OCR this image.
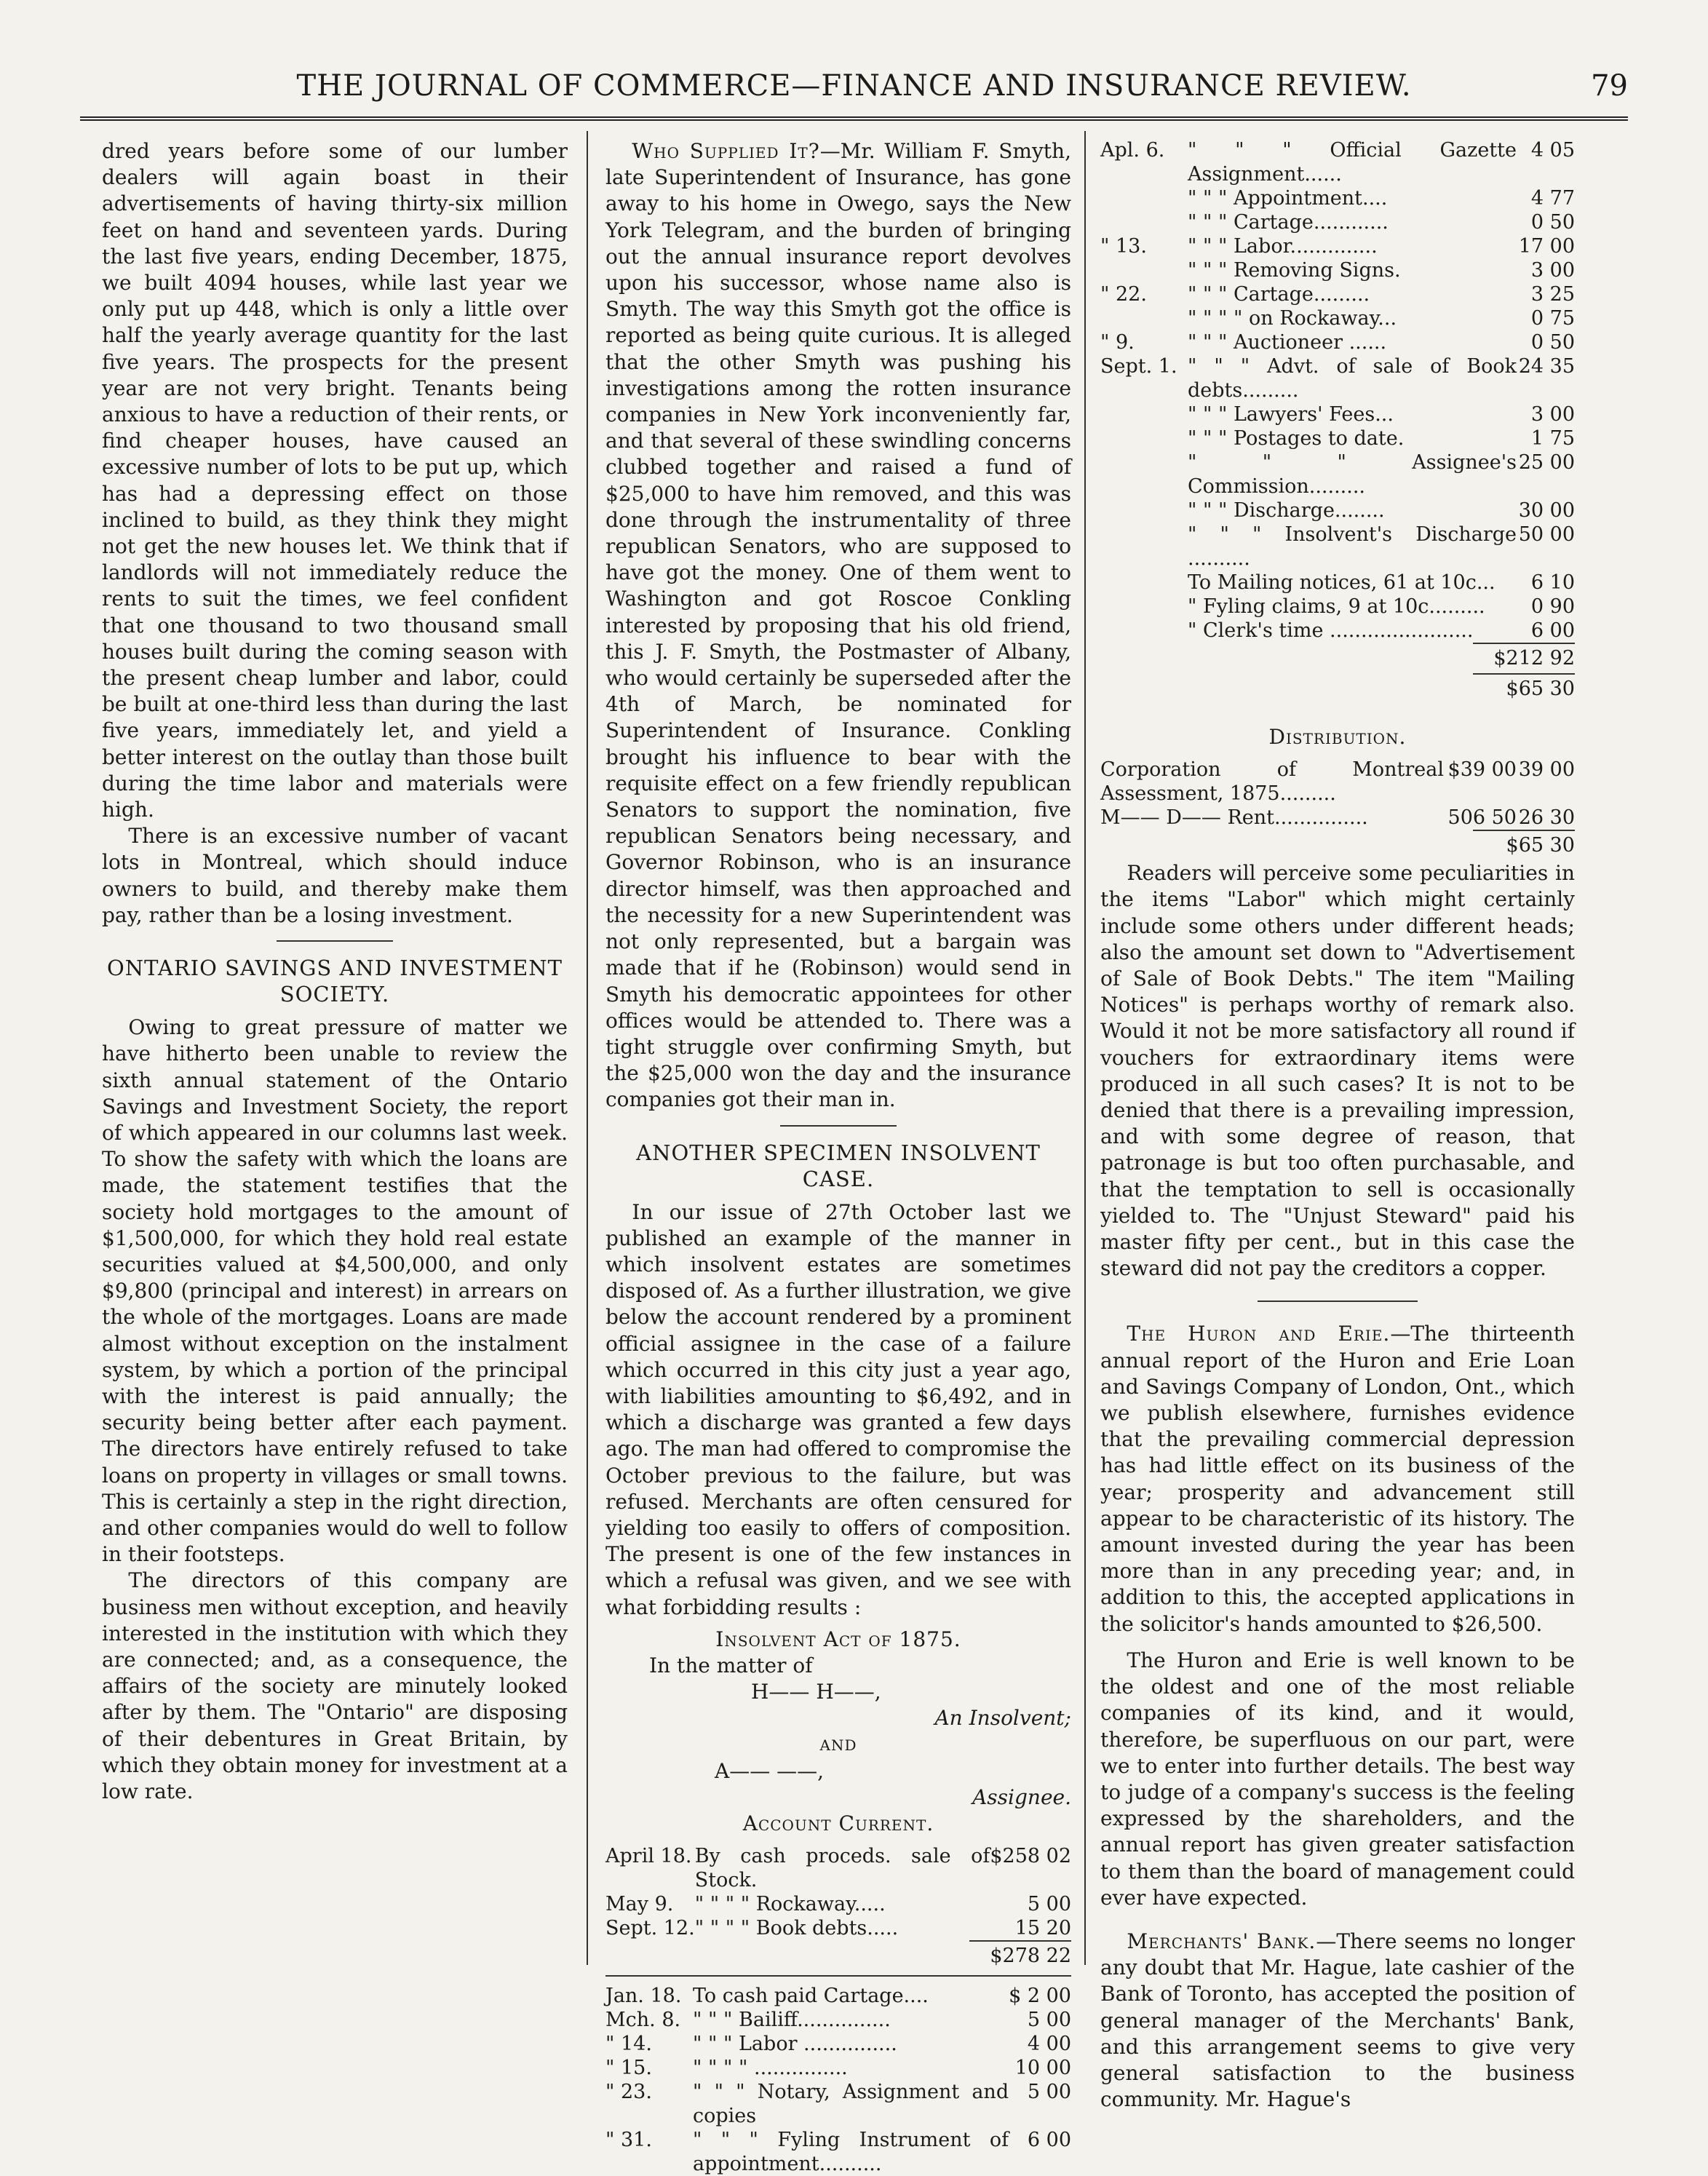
THE JOURNAL OF COMMERCE—FINANCE AND INSURANCE REVIEW.	79

dred years before some of our lumber dealers will again boast in their advertisements of having thirty-six million feet on hand and seventeen yards. During the last five years, ending December, 1875, we built 4094 houses, while last year we only put up 448, which is only a little over half the yearly average quantity for the last five years. The prospects for the present year are not very bright. Tenants being anxious to have a reduction of their rents, or find cheaper houses, have caused an excessive number of lots to be put up, which has had a depressing effect on those inclined to build, as they think they might not get the new houses let. We think that if landlords will not immediately reduce the rents to suit the times, we feel confident that one thousand to two thousand small houses built during the coming season with the present cheap lumber and labor, could be built at one-third less than during the last five years, immediately let, and yield a better interest on the outlay than those built during the time labor and materials were high.

There is an excessive number of vacant lots in Montreal, which should induce owners to build, and thereby make them pay, rather than be a losing investment.

ONTARIO SAVINGS AND INVESTMENT SOCIETY.

Owing to great pressure of matter we have hitherto been unable to review the sixth annual statement of the Ontario Savings and Investment Society, the report of which appeared in our columns last week. To show the safety with which the loans are made, the statement testifies that the society hold mortgages to the amount of $1,500,000, for which they hold real estate securities valued at $4,500,000, and only $9,800 (principal and interest) in arrears on the whole of the mortgages. Loans are made almost without exception on the instalment system, by which a portion of the principal with the interest is paid annually; the security being better after each payment. The directors have entirely refused to take loans on property in villages or small towns. This is certainly a step in the right direction, and other companies would do well to follow in their footsteps.

The directors of this company are business men without exception, and heavily interested in the institution with which they are connected; and, as a consequence, the affairs of the society are minutely looked after by them. The "Ontario" are disposing of their debentures in Great Britain, by which they obtain money for investment at a low rate.

Who Supplied It?—Mr. William F. Smyth, late Superintendent of Insurance, has gone away to his home in Owego, says the New York Telegram, and the burden of bringing out the annual insurance report devolves upon his successor, whose name also is Smyth. The way this Smyth got the office is reported as being quite curious. It is alleged that the other Smyth was pushing his investigations among the rotten insurance companies in New York inconveniently far, and that several of these swindling concerns clubbed together and raised a fund of $25,000 to have him removed, and this was done through the instrumentality of three republican Senators, who are supposed to have got the money. One of them went to Washington and got Roscoe Conkling interested by proposing that his old friend, this J. F. Smyth, the Postmaster of Albany, who would certainly be superseded after the 4th of March, be nominated for Superintendent of Insurance. Conkling brought his influence to bear with the requisite effect on a few friendly republican Senators to support the nomination, five republican Senators being necessary, and Governor Robinson, who is an insurance director himself, was then approached and the necessity for a new Superintendent was not only represented, but a bargain was made that if he (Robinson) would send in Smyth his democratic appointees for other offices would be attended to. There was a tight struggle over confirming Smyth, but the $25,000 won the day and the insurance companies got their man in.

ANOTHER SPECIMEN INSOLVENT CASE.

In our issue of 27th October last we published an example of the manner in which insolvent estates are sometimes disposed of. As a further illustration, we give below the account rendered by a prominent official assignee in the case of a failure which occurred in this city just a year ago, with liabilities amounting to $6,492, and in which a discharge was granted a few days ago. The man had offered to compromise the October previous to the failure, but was refused. Merchants are often censured for yielding too easily to offers of composition. The present is one of the few instances in which a refusal was given, and we see with what forbidding results :

Insolvent Act of 1875.

In the matter of

H—— H——,

An Insolvent;

AND

A—— ——,

Assignee.

Account Current.

April 18.	By cash proceds. sale of Stock.	$258 02
May 9.	" " " " Rockaway.....	5 00
Sept. 12.	" " " " Book debts.....	15 20
$278 22
Jan. 18.	To cash paid Cartage....	$ 2 00
Mch. 8.	" " " Bailiff...............	5 00
" 14.	" " " Labor ...............	4 00
" 15.	" " " " ...............	10 00
" 23.	" " " Notary, Assignment and copies	5 00
" 31.	" " " Fyling Instrument of appointment..........	6 00
Apl. 6.	" " " Official Gazette Assignment......	4 05
	" " " Appointment....	4 77
	" " " Cartage............	0 50
" 13.	" " " Labor..............	17 00
	" " " Removing Signs.	3 00
" 22.	" " " Cartage.........	3 25
	" " " " on Rockaway...	0 75
" 9.	" " " Auctioneer ......	0 50
Sept. 1.	" " " Advt. of sale of Book debts.........	24 35
	" " " Lawyers' Fees...	3 00
	" " " Postages to date.	1 75
	" " " Assignee's Commission.........	25 00
	" " " Discharge........	30 00
	" " " Insolvent's Discharge ..........	50 00
	To Mailing notices, 61 at 10c...	6 10
	" Fyling claims, 9 at 10c.........	0 90
	" Clerk's time .......................	6 00
$212 92
$65 30

Distribution.

Corporation of Montreal Assessment, 1875.........	$39 00	39 00
M—— D—— Rent...............	506 50	26 30
$65 30

Readers will perceive some peculiarities in the items "Labor" which might certainly include some others under different heads; also the amount set down to "Advertisement of Sale of Book Debts." The item "Mailing Notices" is perhaps worthy of remark also. Would it not be more satisfactory all round if vouchers for extraordinary items were produced in all such cases? It is not to be denied that there is a prevailing impression, and with some degree of reason, that patronage is but too often purchasable, and that the temptation to sell is occasionally yielded to. The "Unjust Steward" paid his master fifty per cent., but in this case the steward did not pay the creditors a copper.

The Huron and Erie.—The thirteenth annual report of the Huron and Erie Loan and Savings Company of London, Ont., which we publish elsewhere, furnishes evidence that the prevailing commercial depression has had little effect on its business of the year; prosperity and advancement still appear to be characteristic of its history. The amount invested during the year has been more than in any preceding year; and, in addition to this, the accepted applications in the solicitor's hands amounted to $26,500.

The Huron and Erie is well known to be the oldest and one of the most reliable companies of its kind, and it would, therefore, be superfluous on our part, were we to enter into further details. The best way to judge of a company's success is the feeling expressed by the shareholders, and the annual report has given greater satisfaction to them than the board of management could ever have expected.

Merchants' Bank.—There seems no longer any doubt that Mr. Hague, late cashier of the Bank of Toronto, has accepted the position of general manager of the Merchants' Bank, and this arrangement seems to give very general satisfaction to the business community. Mr. Hague's
